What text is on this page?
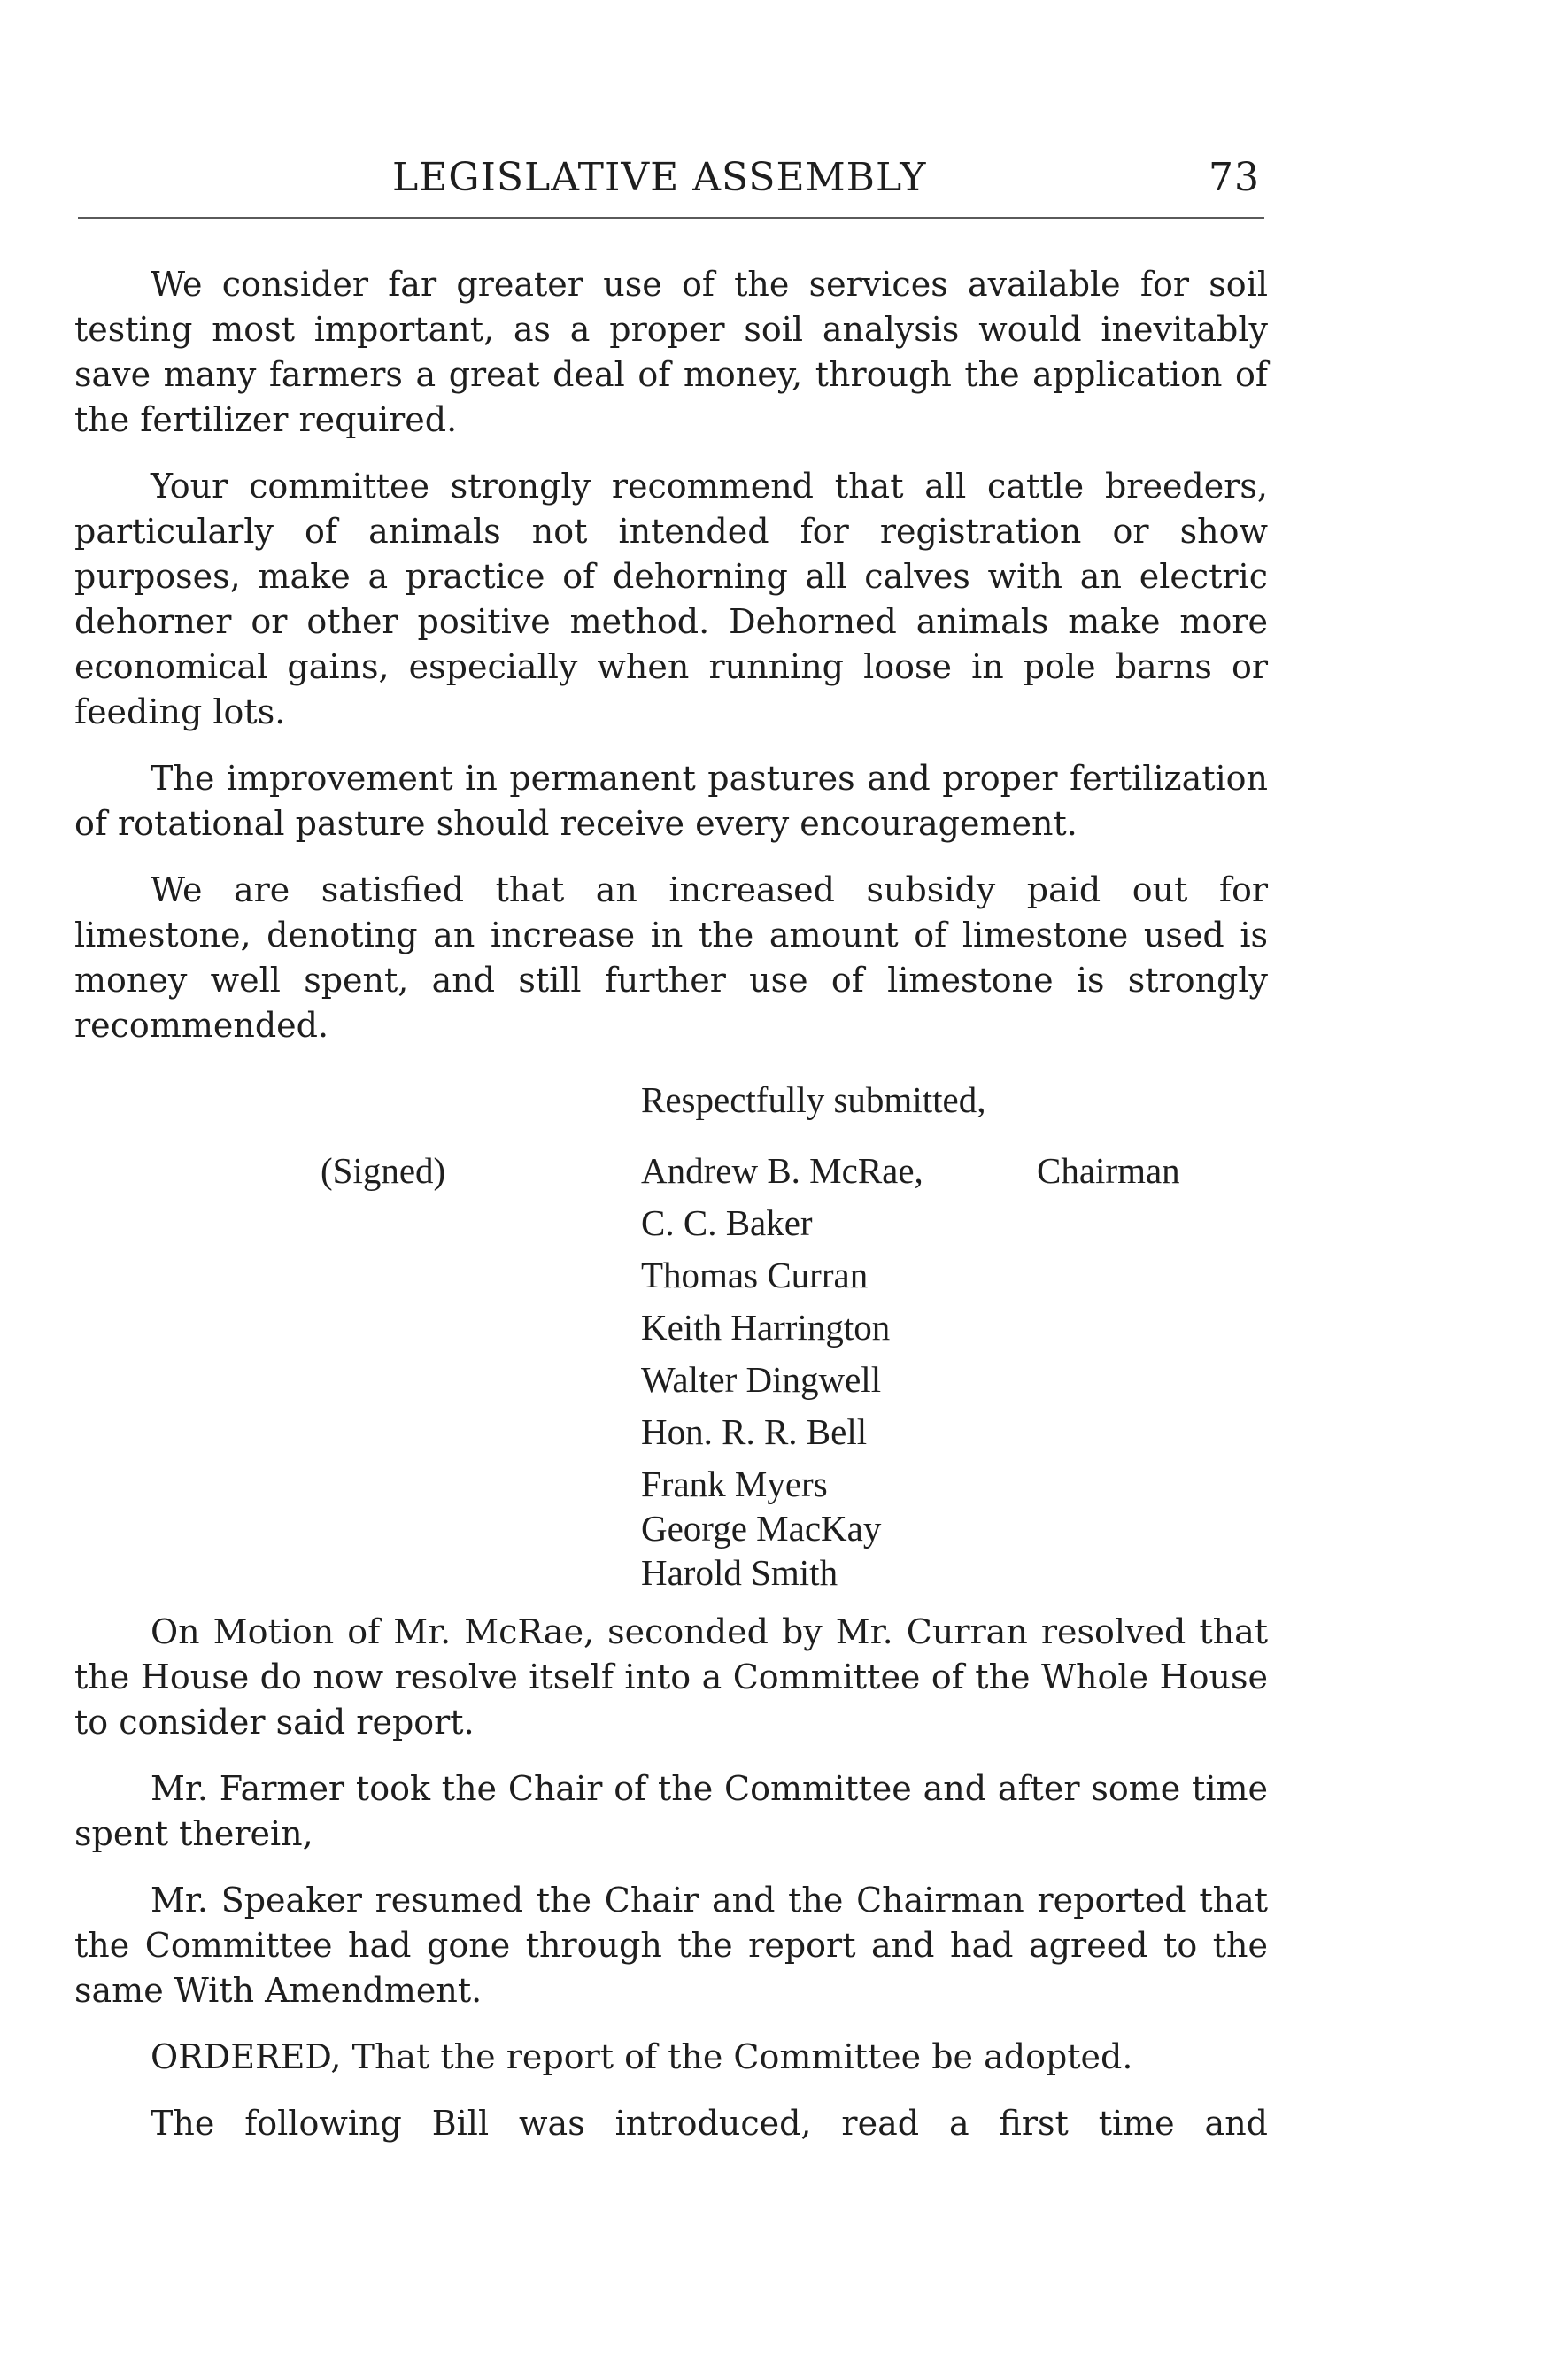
LEGISLATIVE ASSEMBLY	73

We consider far greater use of the services available for soil testing most important, as a proper soil analysis would inevitably save many farmers a great deal of money, through the application of the fertilizer required.

Your committee strongly recommend that all cattle breeders, particularly of animals not intended for registration or show purposes, make a practice of dehorning all calves with an electric dehorner or other positive method. Dehorned animals make more economical gains, especially when running loose in pole barns or feeding lots.

The improvement in permanent pastures and proper fertilization of rotational pasture should receive every encouragement.

We are satisfied that an increased subsidy paid out for limestone, denoting an increase in the amount of limestone used is money well spent, and still further use of limestone is strongly recommended.

Respectfully submitted,
(Signed)	Chairman
Andrew B. McRae,
C. C. Baker
Thomas Curran
Keith Harrington
Walter Dingwell
Hon. R. R. Bell
Frank Myers
George MacKay
Harold Smith

On Motion of Mr. McRae, seconded by Mr. Curran resolved that the House do now resolve itself into a Committee of the Whole House to consider said report.

Mr. Farmer took the Chair of the Committee and after some time spent therein,

Mr. Speaker resumed the Chair and the Chairman reported that the Committee had gone through the report and had agreed to the same With Amendment.

ORDERED, That the report of the Committee be adopted.

The following Bill was introduced, read a first time and
